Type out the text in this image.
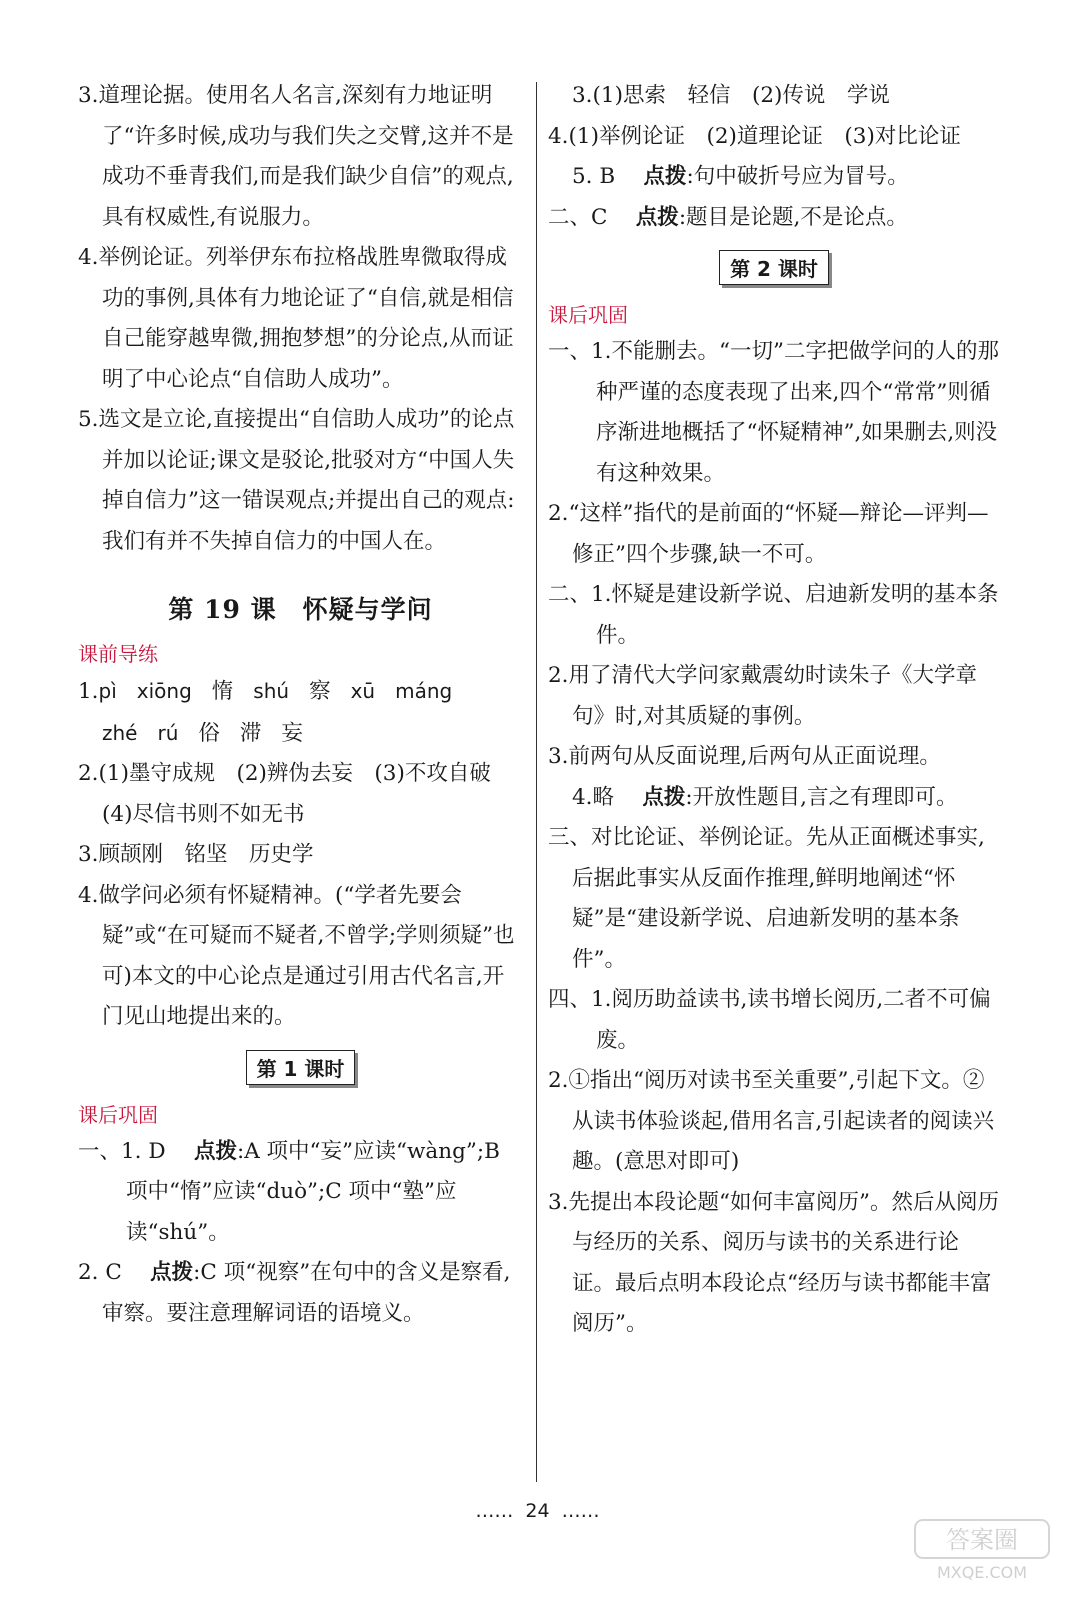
3.道理论据。使用名人名言,深刻有力地证明了“许多时候,成功与我们失之交臂,这并不是成功不垂青我们,而是我们缺少自信”的观点,具有权威性,有说服力。

4.举例论证。列举伊东布拉格战胜卑微取得成功的事例,具体有力地论证了“自信,就是相信自己能穿越卑微,拥抱梦想”的分论点,从而证明了中心论点“自信助人成功”。

5.选文是立论,直接提出“自信助人成功”的论点并加以论证;课文是驳论,批驳对方“中国人失掉自信力”这一错误观点;并提出自己的观点:我们有并不失掉自信力的中国人在。

第 19 课　怀疑与学问
课前导练

1.pì xiōng 惰 shú 察 xū máng

zhé rú 俗 滞 妄

2.(1)墨守成规　(2)辨伪去妄　(3)不攻自破　(4)尽信书则不如无书

3.顾颉刚　铭坚　历史学

4.做学问必须有怀疑精神。(“学者先要会疑”或“在可疑而不疑者,不曾学;学则须疑”也可)本文的中心论点是通过引用古代名言,开门见山地提出来的。

第 1 课时
课后巩固

一、1. D　 点拨:A 项中“妄”应读“wàng”;B 项中“惰”应读“duò”;C 项中“塾”应读“shú”。

2. C　 点拨:C 项“视察”在句中的含义是察看,审察。要注意理解词语的语境义。

3.(1)思索　轻信　(2)传说　学说

4.(1)举例论证　(2)道理论证　(3)对比论证

5. B　 点拨:句中破折号应为冒号。

二、C　 点拨:题目是论题,不是论点。

第 2 课时
课后巩固

一、1.不能删去。“一切”二字把做学问的人的那种严谨的态度表现了出来,四个“常常”则循序渐进地概括了“怀疑精神”,如果删去,则没有这种效果。

2.“这样”指代的是前面的“怀疑—辩论—评判—修正”四个步骤,缺一不可。

二、1.怀疑是建设新学说、启迪新发明的基本条件。

2.用了清代大学问家戴震幼时读朱子《大学章句》时,对其质疑的事例。

3.前两句从反面说理,后两句从正面说理。

4.略　 点拨:开放性题目,言之有理即可。

三、对比论证、举例论证。先从正面概述事实,后据此事实从反面作推理,鲜明地阐述“怀疑”是“建设新学说、启迪新发明的基本条件”。

四、1.阅历助益读书,读书增长阅历,二者不可偏废。

2.①指出“阅历对读书至关重要”,引起下文。②从读书体验谈起,借用名言,引起读者的阅读兴趣。(意思对即可)

3.先提出本段论题“如何丰富阅历”。然后从阅历与经历的关系、阅历与读书的关系进行论证。最后点明本段论点“经历与读书都能丰富阅历”。

…… 24 ……
答案圈
MXQE.COM
